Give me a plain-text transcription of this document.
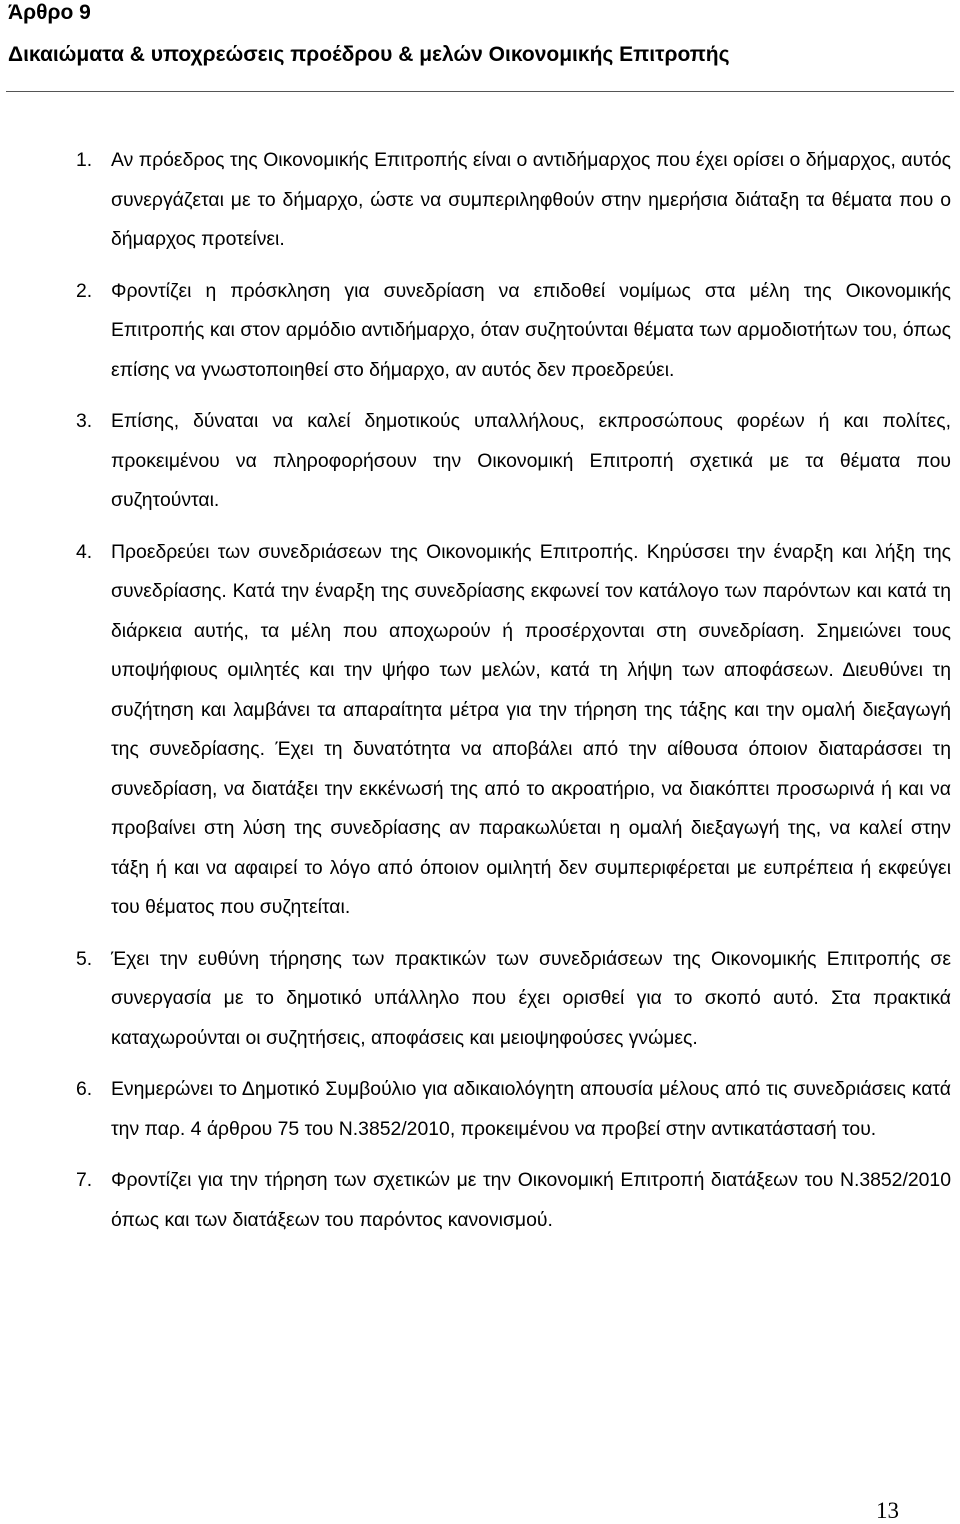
Άρθρο 9
Δικαιώματα & υποχρεώσεις προέδρου & μελών Οικονομικής Επιτροπής
1. Αν πρόεδρος της Οικονομικής Επιτροπής είναι ο αντιδήμαρχος που έχει ορίσει ο δήμαρχος, αυτός συνεργάζεται με το δήμαρχο, ώστε να συμπεριληφθούν στην ημερήσια διάταξη τα θέματα που ο δήμαρχος προτείνει.
2. Φροντίζει η πρόσκληση για συνεδρίαση να επιδοθεί νομίμως στα μέλη της Οικονομικής Επιτροπής και στον αρμόδιο αντιδήμαρχο, όταν συζητούνται θέματα των αρμοδιοτήτων του, όπως επίσης να γνωστοποιηθεί στο δήμαρχο, αν αυτός δεν προεδρεύει.
3. Επίσης, δύναται να καλεί δημοτικούς υπαλλήλους, εκπροσώπους φορέων ή και πολίτες, προκειμένου να πληροφορήσουν την Οικονομική Επιτροπή σχετικά με τα θέματα που συζητούνται.
4. Προεδρεύει των συνεδριάσεων της Οικονομικής Επιτροπής. Κηρύσσει την έναρξη και λήξη της συνεδρίασης. Κατά την έναρξη της συνεδρίασης εκφωνεί τον κατάλογο των παρόντων και κατά τη διάρκεια αυτής, τα μέλη που αποχωρούν ή προσέρχονται στη συνεδρίαση. Σημειώνει τους υποψήφιους ομιλητές και την ψήφο των μελών, κατά τη λήψη των αποφάσεων. Διευθύνει τη συζήτηση και λαμβάνει τα απαραίτητα μέτρα για την τήρηση της τάξης και την ομαλή διεξαγωγή της συνεδρίασης. Έχει τη δυνατότητα να αποβάλει από την αίθουσα όποιον διαταράσσει τη συνεδρίαση, να διατάξει την εκκένωσή της από το ακροατήριο, να διακόπτει προσωρινά ή και να προβαίνει στη λύση της συνεδρίασης αν παρακωλύεται η ομαλή διεξαγωγή της, να καλεί στην τάξη ή και να αφαιρεί το λόγο από όποιον ομιλητή δεν συμπεριφέρεται με ευπρέπεια ή εκφεύγει του θέματος που συζητείται.
5. Έχει την ευθύνη τήρησης των πρακτικών των συνεδριάσεων της Οικονομικής Επιτροπής σε συνεργασία με το δημοτικό υπάλληλο που έχει ορισθεί για το σκοπό αυτό. Στα πρακτικά καταχωρούνται οι συζητήσεις, αποφάσεις και μειοψηφούσες γνώμες.
6. Ενημερώνει το Δημοτικό Συμβούλιο για αδικαιολόγητη απουσία μέλους από τις συνεδριάσεις κατά την παρ. 4 άρθρου 75 του Ν.3852/2010, προκειμένου να προβεί στην αντικατάστασή του.
7. Φροντίζει για την τήρηση των σχετικών με την Οικονομική Επιτροπή διατάξεων του Ν.3852/2010 όπως και των διατάξεων του παρόντος κανονισμού.
13
